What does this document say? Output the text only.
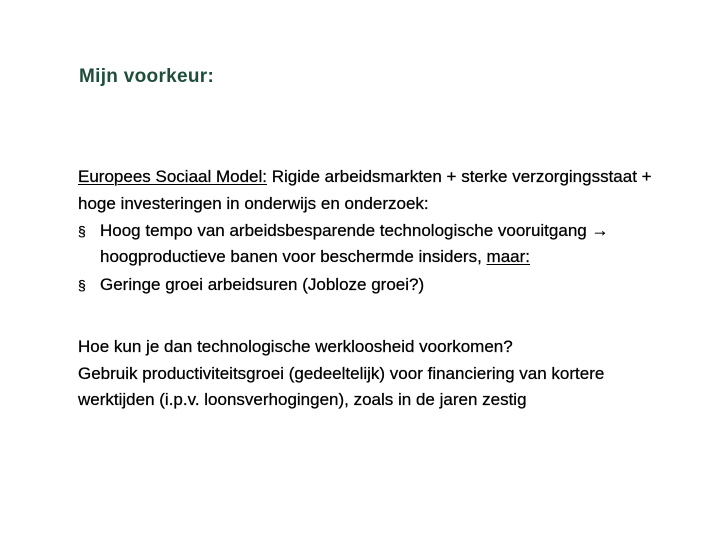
Mijn voorkeur:

Europees Sociaal Model: Rigide arbeidsmarkten + sterke verzorgingsstaat + hoge investeringen in onderwijs en onderzoek:

§ Hoog tempo van arbeidsbesparende technologische vooruitgang → hoogproductieve banen voor beschermde insiders, maar:
§ Geringe groei arbeidsuren (Jobloze groei?)

Hoe kun je dan technologische werkloosheid voorkomen?
Gebruik productiviteitsgroei (gedeeltelijk) voor financiering van kortere werktijden (i.p.v. loonsverhogingen), zoals in de jaren zestig
